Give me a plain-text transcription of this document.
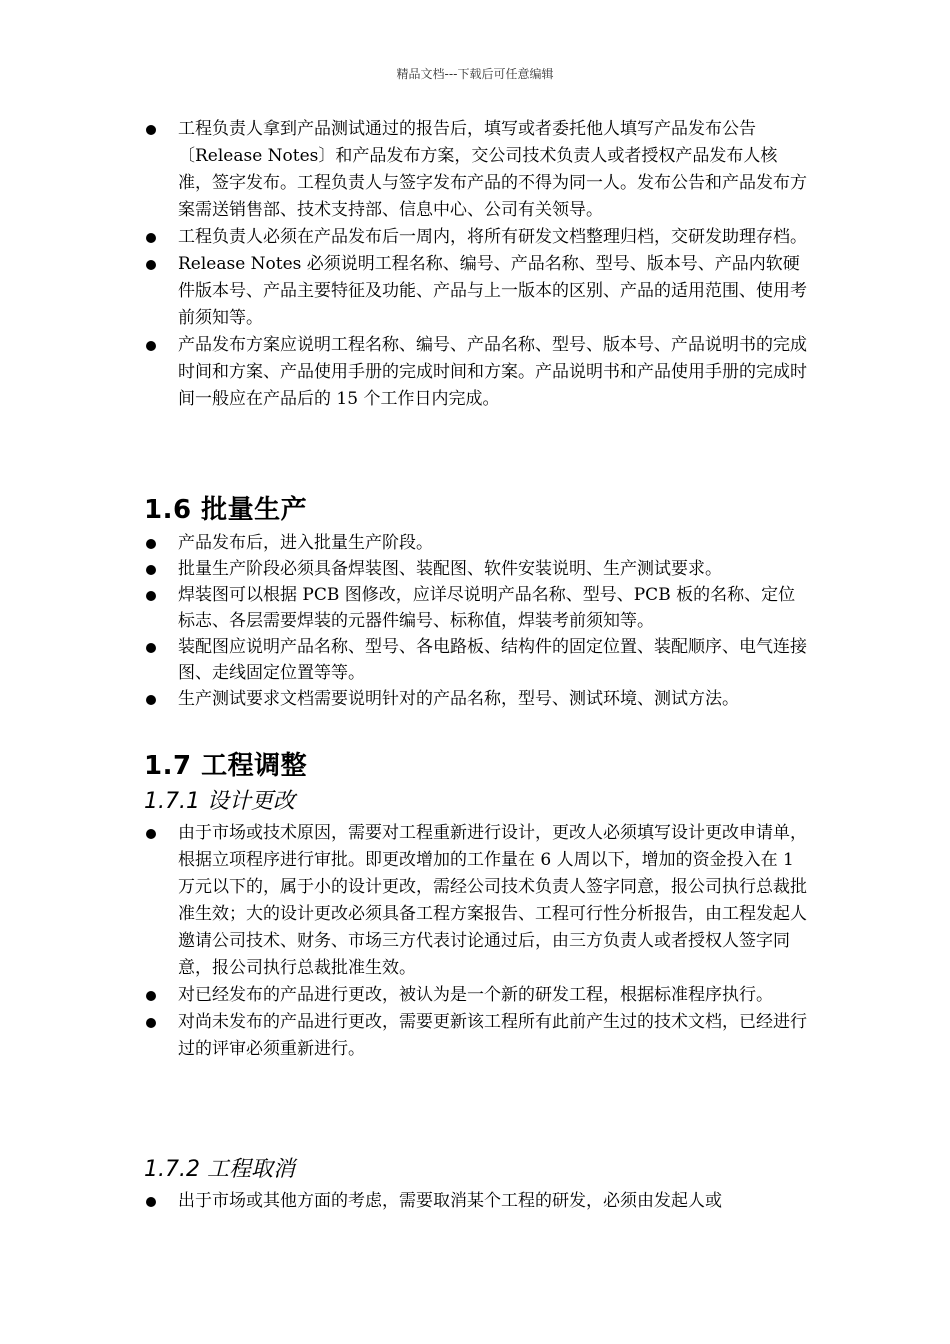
精品文档---下载后可任意编辑
工程负责人拿到产品测试通过的报告后，填写或者委托他人填写产品发布公告〔Release Notes〕和产品发布方案，交公司技术负责人或者授权产品发布人核准，签字发布。工程负责人与签字发布产品的不得为同一人。发布公告和产品发布方案需送销售部、技术支持部、信息中心、公司有关领导。
工程负责人必须在产品发布后一周内，将所有研发文档整理归档，交研发助理存档。
Release Notes 必须说明工程名称、编号、产品名称、型号、版本号、产品内软硬件版本号、产品主要特征及功能、产品与上一版本的区别、产品的适用范围、使用考前须知等。
产品发布方案应说明工程名称、编号、产品名称、型号、版本号、产品说明书的完成时间和方案、产品使用手册的完成时间和方案。产品说明书和产品使用手册的完成时间一般应在产品后的 15 个工作日内完成。
1.6 批量生产
产品发布后，进入批量生产阶段。
批量生产阶段必须具备焊装图、装配图、软件安装说明、生产测试要求。
焊装图可以根据 PCB 图修改，应详尽说明产品名称、型号、PCB 板的名称、定位标志、各层需要焊装的元器件编号、标称值，焊装考前须知等。
装配图应说明产品名称、型号、各电路板、结构件的固定位置、装配顺序、电气连接图、走线固定位置等等。
生产测试要求文档需要说明针对的产品名称，型号、测试环境、测试方法。
1.7 工程调整
1.7.1 设计更改
由于市场或技术原因，需要对工程重新进行设计，更改人必须填写设计更改申请单，根据立项程序进行审批。即更改增加的工作量在 6 人周以下，增加的资金投入在 1 万元以下的，属于小的设计更改，需经公司技术负责人签字同意，报公司执行总裁批准生效；大的设计更改必须具备工程方案报告、工程可行性分析报告，由工程发起人邀请公司技术、财务、市场三方代表讨论通过后，由三方负责人或者授权人签字同意，报公司执行总裁批准生效。
对已经发布的产品进行更改，被认为是一个新的研发工程，根据标准程序执行。
对尚未发布的产品进行更改，需要更新该工程所有此前产生过的技术文档，已经进行过的评审必须重新进行。
1.7.2 工程取消
出于市场或其他方面的考虑，需要取消某个工程的研发，必须由发起人或
